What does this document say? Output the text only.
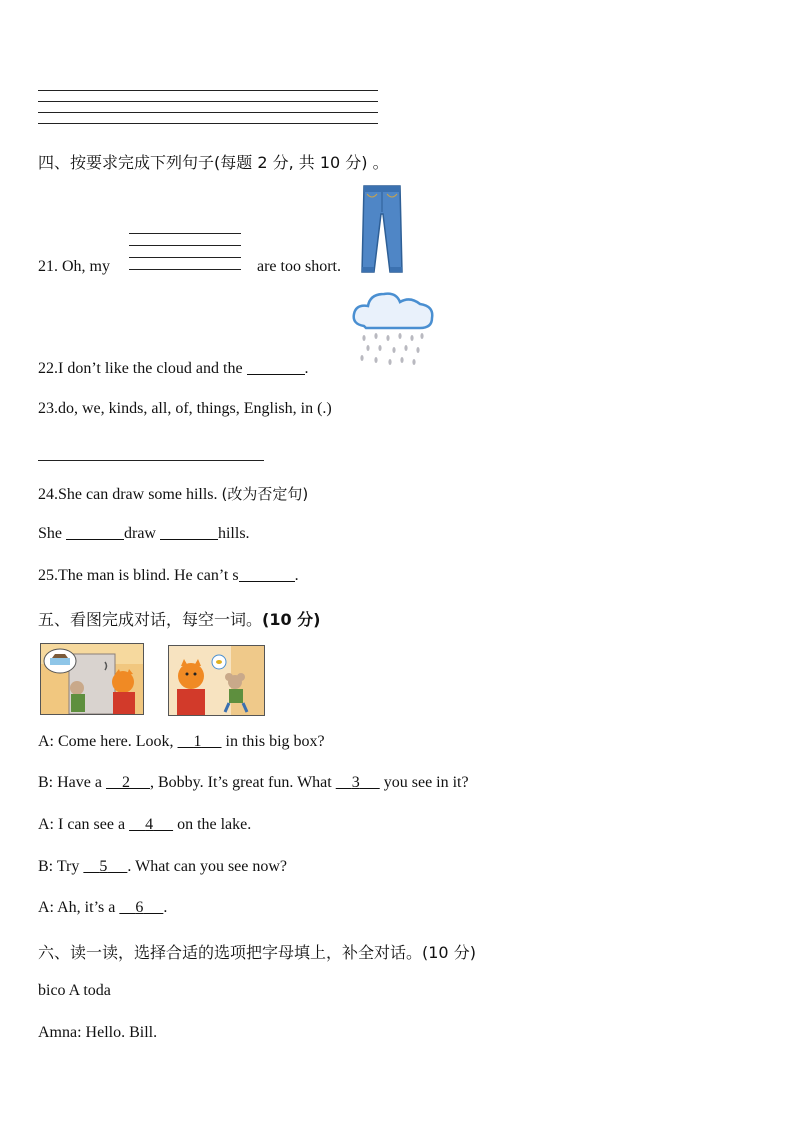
四、按要求完成下列句子(每题 2 分, 共 10 分) 。
21. Oh, my	are too short.
22.I don’t like the cloud and the	.
23.do, we, kinds, all, of, things, English, in (.)
24.She can draw some hills. (改为否定句)
She	draw	hills.
25.The man is blind. He can’t s	.
五、看图完成对话，每空一词。(10 分)
A: Come here. Look,     1      in this big box?
B: Have a     2 , Bobby. It’s great fun. What     3      you see in it?
A: I can see a     4      on the lake.
B: Try     5 . What can you see now?
A: Ah, it’s a     6 .
六、读一读，选择合适的选项把字母填上，补全对话。(10 分)
bico A toda
Amna: Hello. Bill.
